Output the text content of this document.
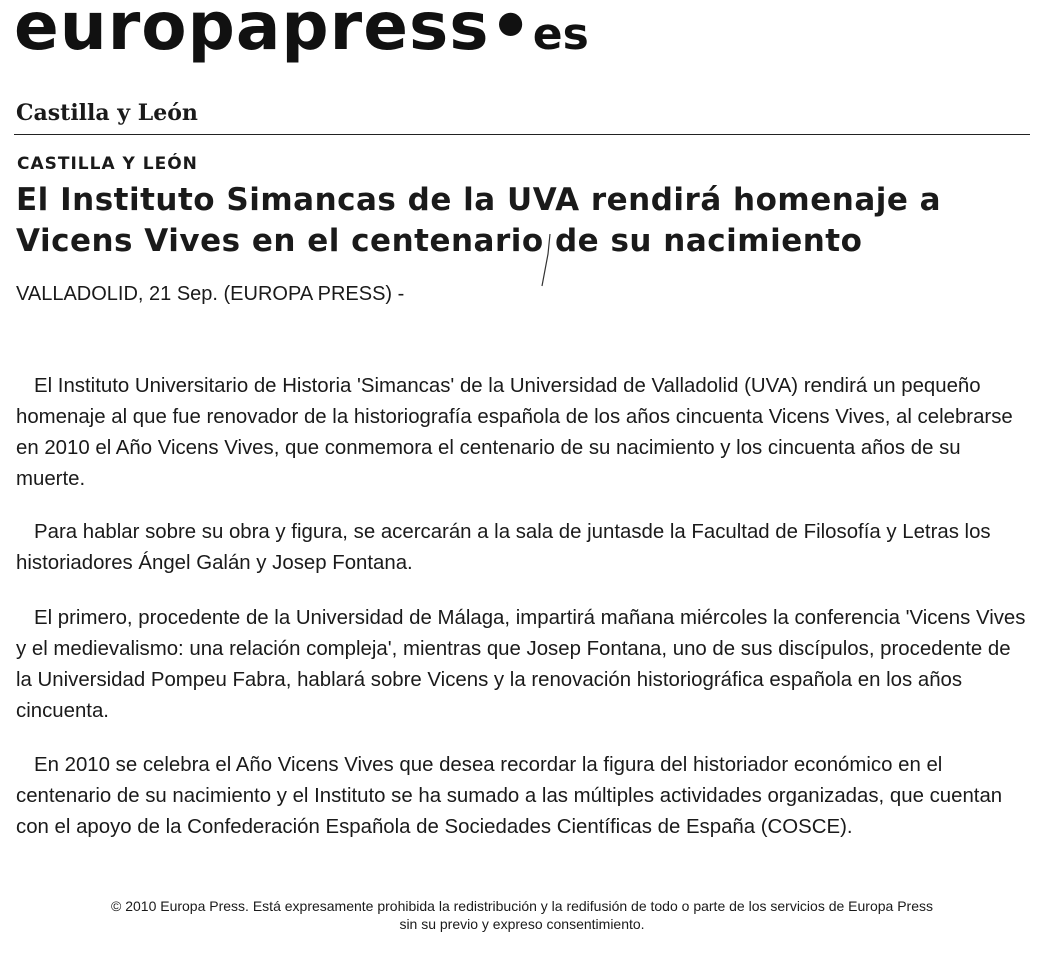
europapress•es
Castilla y León
CASTILLA Y LEÓN
El Instituto Simancas de la UVA rendirá homenaje a Vicens Vives en el centenario de su nacimiento
VALLADOLID, 21 Sep. (EUROPA PRESS) -

El Instituto Universitario de Historia 'Simancas' de la Universidad de Valladolid (UVA) rendirá un pequeño homenaje al que fue renovador de la historiografía española de los años cincuenta Vicens Vives, al celebrarse en 2010 el Año Vicens Vives, que conmemora el centenario de su nacimiento y los cincuenta años de su muerte.

Para hablar sobre su obra y figura, se acercarán a la sala de juntasde la Facultad de Filosofía y Letras los historiadores Ángel Galán y Josep Fontana.

El primero, procedente de la Universidad de Málaga, impartirá mañana miércoles la conferencia 'Vicens Vives y el medievalismo: una relación compleja', mientras que Josep Fontana, uno de sus discípulos, procedente de la Universidad Pompeu Fabra, hablará sobre Vicens y la renovación historiográfica española en los años cincuenta.

En 2010 se celebra el Año Vicens Vives que desea recordar la figura del historiador económico en el centenario de su nacimiento y el Instituto se ha sumado a las múltiples actividades organizadas, que cuentan con el apoyo de la Confederación Española de Sociedades Científicas de España (COSCE).

© 2010 Europa Press. Está expresamente prohibida la redistribución y la redifusión de todo o parte de los servicios de Europa Press
sin su previo y expreso consentimiento.
